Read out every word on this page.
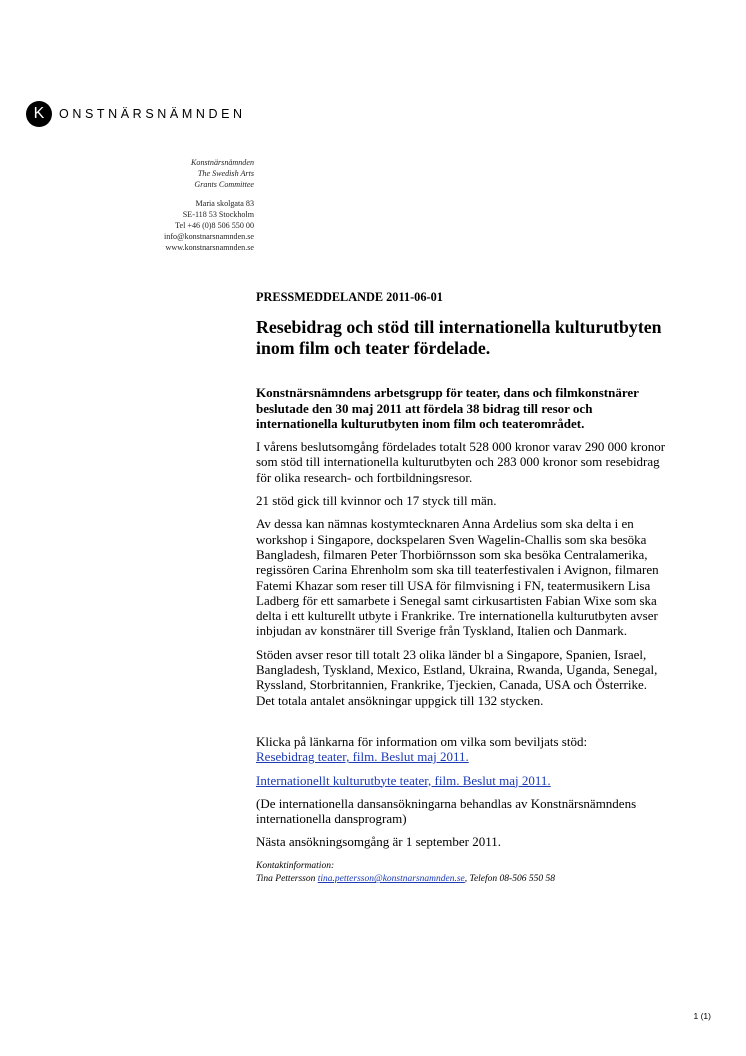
K	ONSTNÄRSNÄMNDEN
Konstnärsnämnden
The Swedish Arts
Grants Committee
Maria skolgata 83
SE-118 53 Stockholm
Tel +46 (0)8 506 550 00
info@konstnarsnamnden.se
www.konstnarsnamnden.se

PRESSMEDDELANDE 2011-06-01

Resebidrag och stöd till internationella kulturutbyten inom film och teater fördelade.

Konstnärsnämndens arbetsgrupp för teater, dans och filmkonstnärer beslutade den 30 maj 2011 att fördela 38 bidrag till resor och internationella kulturutbyten inom film och teaterområdet.

I vårens beslutsomgång fördelades totalt 528 000 kronor varav 290 000 kronor som stöd till internationella kulturutbyten och 283 000 kronor som resebidrag för olika research- och fortbildningsresor.

21 stöd gick till kvinnor och 17 styck till män.

Av dessa kan nämnas kostymtecknaren Anna Ardelius som ska delta i en workshop i Singapore, dockspelaren Sven Wagelin-Challis som ska besöka Bangladesh, filmaren Peter Thorbiörnsson som ska besöka Centralamerika, regissören Carina Ehrenholm som ska till teaterfestivalen i Avignon, filmaren Fatemi Khazar som reser till USA för filmvisning i FN, teatermusikern Lisa Ladberg för ett samarbete i Senegal samt cirkusartisten Fabian Wixe som ska delta i ett kulturellt utbyte i Frankrike. Tre internationella kulturutbyten avser inbjudan av konstnärer till Sverige från Tyskland, Italien och Danmark.

Stöden avser resor till totalt 23 olika länder bl a Singapore, Spanien, Israel, Bangladesh, Tyskland, Mexico, Estland, Ukraina, Rwanda, Uganda, Senegal, Ryssland, Storbritannien, Frankrike, Tjeckien, Canada, USA och Österrike. Det totala antalet ansökningar uppgick till 132 stycken.

Klicka på länkarna för information om vilka som beviljats stöd:

Resebidrag teater, film. Beslut maj 2011.

Internationellt kulturutbyte teater, film. Beslut maj 2011.

(De internationella dansansökningarna behandlas av Konstnärsnämndens internationella dansprogram)

Nästa ansökningsomgång är 1 september 2011.

Kontaktinformation:
Tina Pettersson tina.pettersson@konstnarsnamnden.se, Telefon 08-506 550 58
1 (1)
